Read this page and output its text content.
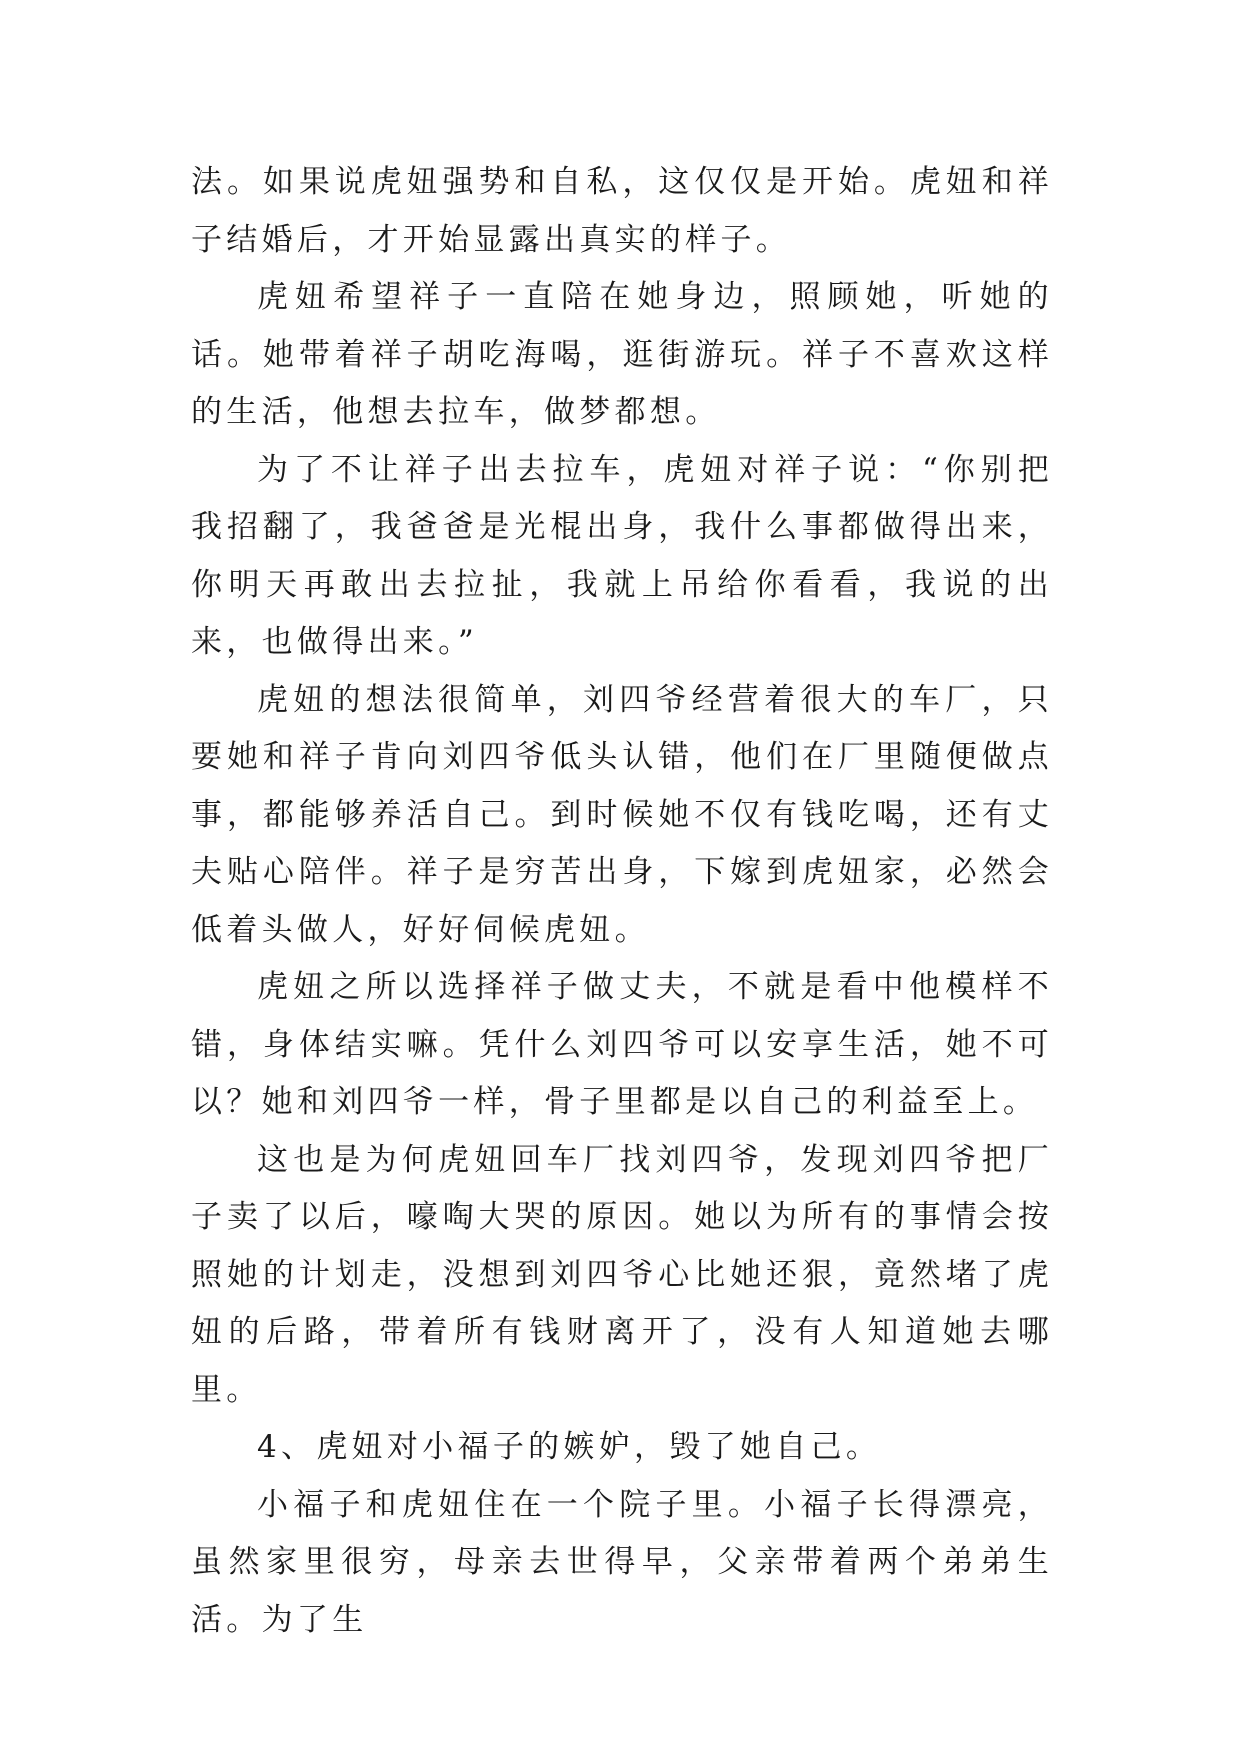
法。如果说虎妞强势和自私，这仅仅是开始。虎妞和祥子结婚后，才开始显露出真实的样子。

虎妞希望祥子一直陪在她身边，照顾她，听她的话。她带着祥子胡吃海喝，逛街游玩。祥子不喜欢这样的生活，他想去拉车，做梦都想。

为了不让祥子出去拉车，虎妞对祥子说：“你别把我招翻了，我爸爸是光棍出身，我什么事都做得出来，你明天再敢出去拉扯，我就上吊给你看看，我说的出来，也做得出来。”

虎妞的想法很简单，刘四爷经营着很大的车厂，只要她和祥子肯向刘四爷低头认错，他们在厂里随便做点事，都能够养活自己。到时候她不仅有钱吃喝，还有丈夫贴心陪伴。祥子是穷苦出身，下嫁到虎妞家，必然会低着头做人，好好伺候虎妞。

虎妞之所以选择祥子做丈夫，不就是看中他模样不错，身体结实嘛。凭什么刘四爷可以安享生活，她不可以？她和刘四爷一样，骨子里都是以自己的利益至上。

这也是为何虎妞回车厂找刘四爷，发现刘四爷把厂子卖了以后，嚎啕大哭的原因。她以为所有的事情会按照她的计划走，没想到刘四爷心比她还狠，竟然堵了虎妞的后路，带着所有钱财离开了，没有人知道她去哪里。

4、虎妞对小福子的嫉妒，毁了她自己。

小福子和虎妞住在一个院子里。小福子长得漂亮，虽然家里很穷，母亲去世得早，父亲带着两个弟弟生活。为了生
